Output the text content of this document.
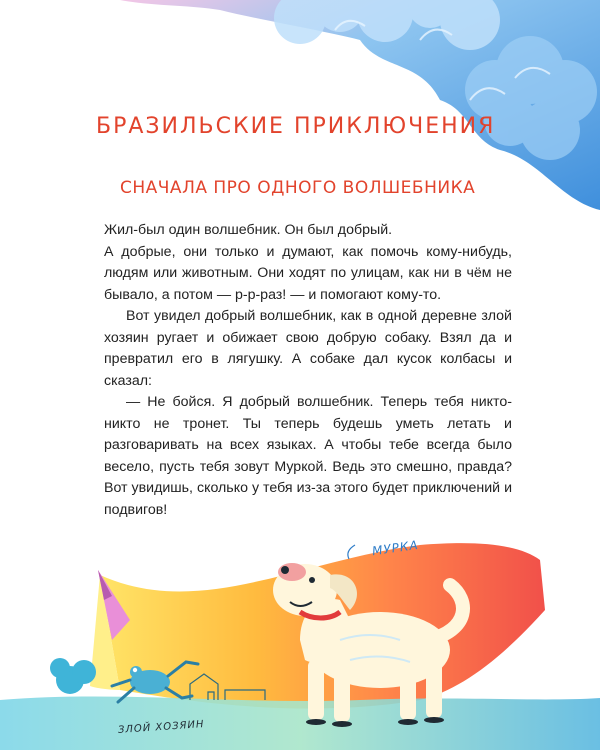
БРАЗИЛЬСКИЕ ПРИКЛЮЧЕНИЯ
СНАЧАЛА ПРО ОДНОГО ВОЛШЕБНИКА

Жил-был один волшебник. Он был добрый.

А добрые, они только и думают, как помочь кому-нибудь, людям или животным. Они ходят по улицам, как ни в чём не бывало, а потом — р-р-раз! — и помогают кому-то.

Вот увидел добрый волшебник, как в одной деревне злой хозяин ругает и обижает свою добрую собаку. Взял да и превратил его в лягушку. А собаке дал кусок колбасы и сказал:

— Не бойся. Я добрый волшебник. Теперь тебя никто-никто не тронет. Ты теперь будешь уметь летать и разговаривать на всех языках. А чтобы тебе всегда было весело, пусть тебя зовут Муркой. Ведь это смешно, правда? Вот увидишь, сколько у тебя из-за этого будет приключений и подвигов!

МУРКА
ЗЛОЙ ХОЗЯИН
